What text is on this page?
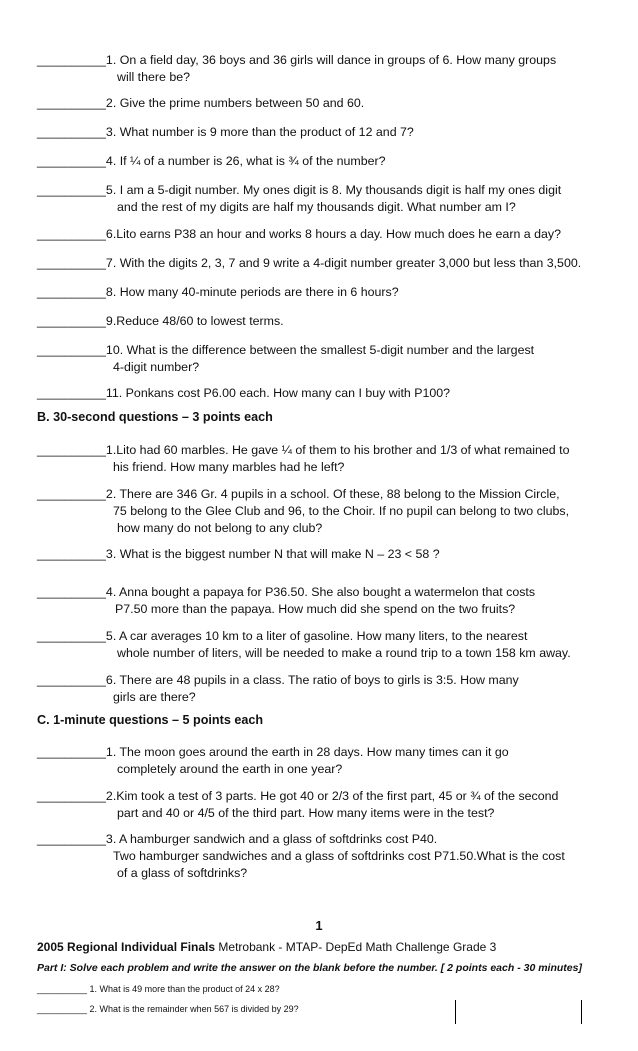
__________1. On a field day, 36 boys and 36 girls will dance in groups of 6. How many groups
will there be?
__________2. Give the prime numbers between 50 and 60.
__________3. What number is 9 more than the product of 12 and 7?
__________4. If ¼ of a number is 26, what is ¾ of the number?
__________5. I am a 5-digit number. My ones digit is 8. My thousands digit is half my ones digit
and the rest of my digits are half my thousands digit. What number am I?
__________6.Lito earns P38 an hour and works 8 hours a day. How much does he earn a day?
__________7. With the digits 2, 3, 7 and 9 write a 4-digit number greater 3,000 but less than 3,500.
__________8. How many 40-minute periods are there in 6 hours?
__________9.Reduce 48/60 to lowest terms.
__________10. What is the difference between the smallest 5-digit number and the largest
4-digit number?
__________11. Ponkans cost P6.00 each. How many can I buy with P100?
__________1.Lito had 60 marbles. He gave ¼ of them to his brother and 1/3 of what remained to
his friend. How many marbles had he left?
__________2. There are 346 Gr. 4 pupils in a school. Of these, 88 belong to the Mission Circle,
75 belong to the Glee Club and 96, to the Choir. If no pupil can belong to two clubs,
how many do not belong to any club?
__________3. What is the biggest number N that will make N – 23 < 58 ?
__________4. Anna bought a papaya for P36.50. She also bought a watermelon that costs
P7.50 more than the papaya. How much did she spend on the two fruits?
__________5. A car averages 10 km to a liter of gasoline. How many liters, to the nearest
whole number of liters, will be needed to make a round trip to a town 158 km away.
__________6. There are 48 pupils in a class. The ratio of boys to girls is 3:5. How many
girls are there?
__________1. The moon goes around the earth in 28 days. How many times can it go
completely around the earth in one year?
__________2.Kim took a test of 3 parts. He got 40 or 2/3 of the first part, 45 or ¾ of the second
part and 40 or 4/5 of the third part. How many items were in the test?
__________3. A hamburger sandwich and a glass of softdrinks cost P40.
Two hamburger sandwiches and a glass of softdrinks cost P71.50.What is the cost
of a glass of softdrinks?
B. 30-second questions – 3 points each
C. 1-minute questions – 5 points each
1
2005 Regional Individual Finals Metrobank - MTAP- DepEd Math Challenge Grade 3
Part I: Solve each problem and write the answer on the blank before the number. [ 2 points each - 30 minutes]
__________ 1. What is 49 more than the product of 24 x 28?
__________ 2. What is the remainder when 567 is divided by 29?
